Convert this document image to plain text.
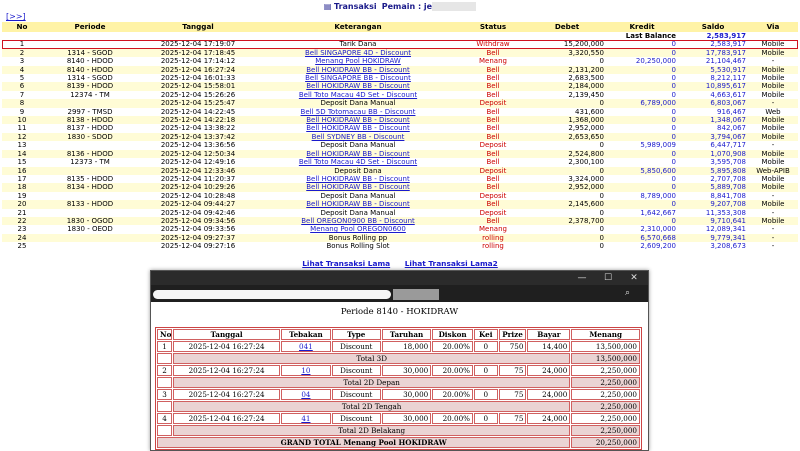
[>>]
▤ Transaksi Pemain : je
No	Periode	Tanggal	Keterangan	Status	Debet	Kredit	Saldo	Via
Last Balance							2,583,917	
1		2025-12-04 17:19:07	Tarik Dana	Withdraw	15,200,000	0	2,583,917	Mobile
2	1314 - SGOD	2025-12-04 17:18:45	Bell SINGAPORE 4D - Discount	Bell	3,320,550	0	17,783,917	Mobile
3	8140 - HDOD	2025-12-04 17:14:12	Menang Pool HOKIDRAW	Menang	0	20,250,000	21,104,467	-
4	8140 - HDOD	2025-12-04 16:27:24	Bell HOKIDRAW BB - Discount	Bell	2,131,200	0	5,530,917	Mobile
5	1314 - SGOD	2025-12-04 16:01:33	Bell SINGAPORE BB - Discount	Bell	2,683,500	0	8,212,117	Mobile
6	8139 - HDOD	2025-12-04 15:58:01	Bell HOKIDRAW BB - Discount	Bell	2,184,000	0	10,895,617	Mobile
7	12374 - TM	2025-12-04 15:26:26	Bell Toto Macau 4D Set - Discount	Bell	2,139,450	0	4,663,617	Mobile
8		2025-12-04 15:25:47	Deposit Dana Manual	Deposit	0	6,789,000	6,803,067	-
9	2997 - TMSD	2025-12-04 14:22:45	Bell 5D Totomacau BB - Discount	Bell	431,600	0	916,467	Web
10	8138 - HDOD	2025-12-04 14:22:18	Bell HOKIDRAW BB - Discount	Bell	1,368,000	0	1,348,067	Mobile
11	8137 - HDOD	2025-12-04 13:38:22	Bell HOKIDRAW BB - Discount	Bell	2,952,000	0	842,067	Mobile
12	1830 - SDOD	2025-12-04 13:37:42	Bell SYDNEY BB - Discount	Bell	2,653,650	0	3,794,067	Mobile
13		2025-12-04 13:36:56	Deposit Dana Manual	Deposit	0	5,989,009	6,447,717	-
14	8136 - HDOD	2025-12-04 12:50:34	Bell HOKIDRAW BB - Discount	Bell	2,524,800	0	1,070,908	Mobile
15	12373 - TM	2025-12-04 12:49:16	Bell Toto Macau 4D Set - Discount	Bell	2,300,100	0	3,595,708	Mobile
16		2025-12-04 12:33:46	Deposit Dana	Deposit	0	5,850,600	5,895,808	Web-APIB
17	8135 - HDOD	2025-12-04 11:20:37	Bell HOKIDRAW BB - Discount	Bell	3,324,000	0	2,707,708	Mobile
18	8134 - HDOD	2025-12-04 10:29:26	Bell HOKIDRAW BB - Discount	Bell	2,952,000	0	5,889,708	Mobile
19		2025-12-04 10:28:48	Deposit Dana Manual	Deposit	0	8,789,000	8,841,708	-
20	8133 - HDOD	2025-12-04 09:44:27	Bell HOKIDRAW BB - Discount	Bell	2,145,600	0	9,207,708	Mobile
21		2025-12-04 09:42:46	Deposit Dana Manual	Deposit	0	1,642,667	11,353,308	-
22	1830 - OGOD	2025-12-04 09:34:56	Bell OREGON0900 BB - Discount	Bell	2,378,700	0	9,710,641	Mobile
23	1830 - OEOD	2025-12-04 09:33:56	Menang Pool OREGON0600	Menang	0	2,310,000	12,089,341	-
24		2025-12-04 09:27:37	Bonus Rolling pp	rolling	0	6,570,668	9,779,341	-
25		2025-12-04 09:27:16	Bonus Rolling Slot	rolling	0	2,609,200	3,208,673	-
Lihat Transaksi Lama Lihat Transaksi Lama2
—	☐	✕
⌕
Periode 8140 - HOKIDRAW
No	Tanggal	Tebakan	Type	Taruhan	Diskon	Kei	Prize	Bayar	Menang
1	2025-12-04 16:27:24	041	Discount	18,000	20.00%	0	750	14,400	13,500,000
	Total 3D								13,500,000
2	2025-12-04 16:27:24	10	Discount	30,000	20.00%	0	75	24,000	2,250,000
	Total 2D Depan								2,250,000
3	2025-12-04 16:27:24	04	Discount	30,000	20.00%	0	75	24,000	2,250,000
	Total 2D Tengah								2,250,000
4	2025-12-04 16:27:24	41	Discount	30,000	20.00%	0	75	24,000	2,250,000
	Total 2D Belakang								2,250,000
GRAND TOTAL Menang Pool HOKIDRAW									20,250,000
